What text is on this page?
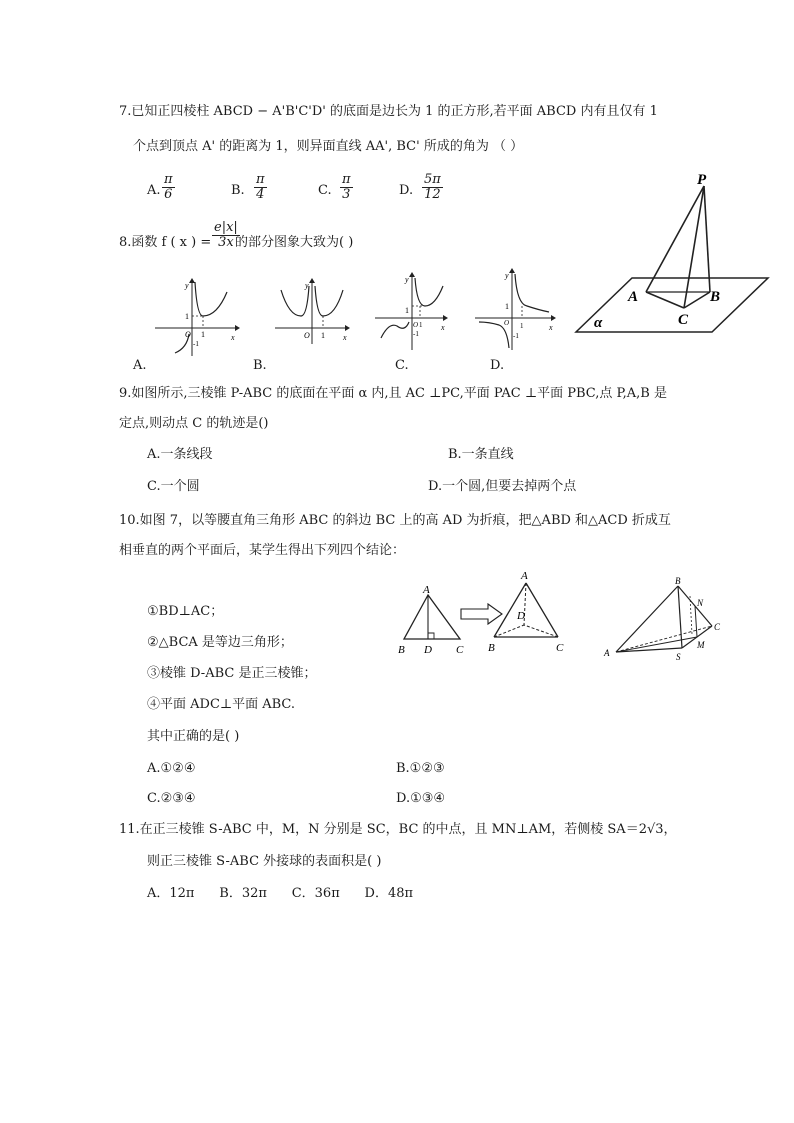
7.已知正四棱柱 ABCD − A'B'C'D' 的底面是边长为 1 的正方形,若平面 ABCD 内有且仅有 1
个点到顶点 A' 的距离为 1，则异面直线 AA', BC' 所成的角为 （ ）
A. $\frac{\pi}{6}$	B. $\frac{\pi}{4}$	C. $\frac{\pi}{3}$	D. $\frac{5\pi}{12}$
8.函数 f ( x ) = $\frac{e|x|}{3x}$
的部分图象大致为( )
y
x
O
1
1
-1
A.
y
x
O 1
B.
y
x
1
O 1
-1
C.
y
x
1
O 1
-1
D.
P
A	B
C
α
9.如图所示,三棱锥 P-ABC 的底面在平面 α 内,且 AC ⊥PC,平面 PAC ⊥平面 PBC,点 P,A,B 是
定点,则动点 C 的轨迹是()
A.一条线段	B.一条直线
C.一个圆	D.一个圆,但要去掉两个点
10.如图 7，以等腰直角三角形 ABC 的斜边 BC 上的高 AD 为折痕，把△ABD 和△ACD 折成互
相垂直的两个平面后，某学生得出下列四个结论：
①BD⊥AC；
②△BCA 是等边三角形；
③棱锥 D-ABC 是正三棱锥；
④平面 ADC⊥平面 ABC.
其中正确的是( )
A.①②④	B.①②③
C.②③④	D.①③④
A
B D C
A
D
B	C
B
N
C
M
A	S
11.在正三棱锥 S-ABC 中，M，N 分别是 SC，BC 的中点，且 MN⊥AM，若侧棱 SA＝2√3，
则正三棱锥 S-ABC 外接球的表面积是( )
A．12π      B．32π      C．36π      D．48π
